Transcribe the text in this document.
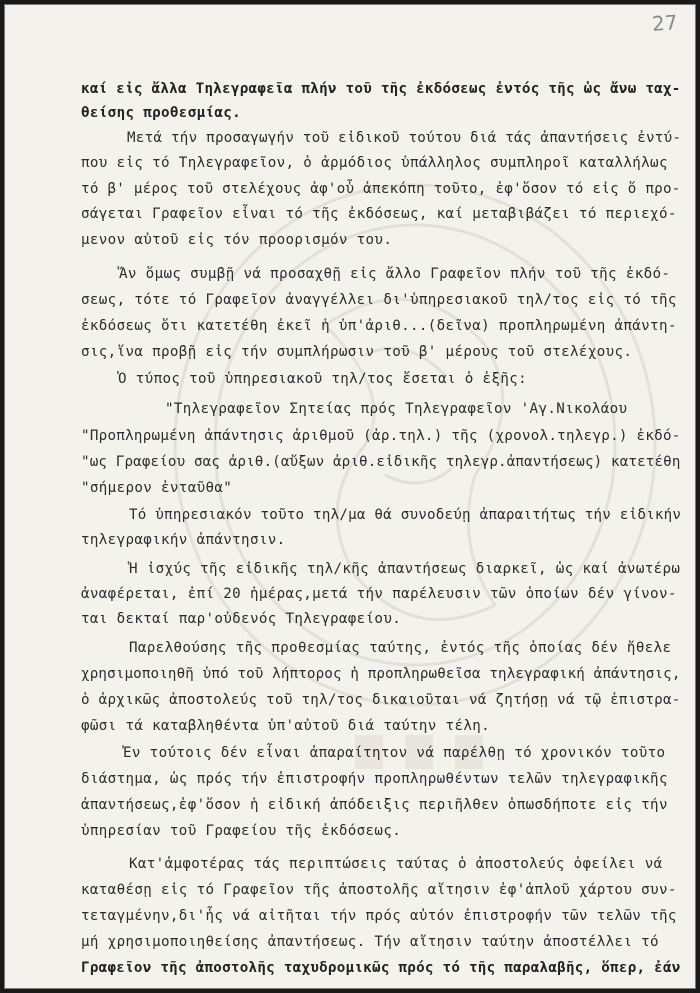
27
καί εἰς ἄλλα Τηλεγραφεῖα πλήν τοῦ τῆς ἐκδόσεως ἐντός τῆς ὡς ἄνω ταχ-
θείσης προθεσμίας.
Μετά τήν προσαγωγήν τοῦ εἰδικοῦ τούτου διά τάς ἀπαντήσεις ἐντύ-
που εἰς τό Τηλεγραφεῖον, ὁ ἁρμόδιος ὑπάλληλος συμπληροῖ καταλλήλως
τό β' μέρος τοῦ στελέχους ἀφ'οὗ ἀπεκόπη τοῦτο, ἐφ'ὅσον τό εἰς ὅ προ-
σάγεται Γραφεῖον εἶναι τό τῆς ἐκδόσεως, καί μεταβιβάζει τό περιεχό-
μενον αὐτοῦ εἰς τόν προορισμόν του.
Ἄν ὅμως συμβῇ νά προσαχθῇ εἰς ἄλλο Γραφεῖον πλήν τοῦ τῆς ἐκδό-
σεως, τότε τό Γραφεῖον ἀναγγέλλει δι'ὑπηρεσιακοῦ τηλ/τος εἰς τό τῆς
ἐκδόσεως ὅτι κατετέθη ἐκεῖ ἡ ὑπ'ἀριθ...(δεῖνα) προπληρωμένη ἀπάντη-
σις,ἵνα προβῇ εἰς τήν συμπλήρωσιν τοῦ β' μέρους τοῦ στελέχους.
Ὁ τύπος τοῦ ὑπηρεσιακοῦ τηλ/τος ἔσεται ὁ ἑξῆς:
"Τηλεγραφεῖον Σητείας πρός Τηλεγραφεῖον 'Αγ.Νικολάου
"Προπληρωμένη ἀπάντησις ἀριθμοῦ (ἀρ.τηλ.) τῆς (χρονολ.τηλεγρ.) ἐκδό-
"ως Γραφείου σας ἀριθ.(αὔξων ἀριθ.εἰδικῆς τηλεγρ.ἀπαντήσεως) κατετέθη
"σήμερον ἐνταῦθα"
Τό ὑπηρεσιακόν τοῦτο τηλ/μα θά συνοδεύῃ ἀπαραιτήτως τήν εἰδικήν
τηλεγραφικήν ἀπάντησιν.
Ἡ ἰσχύς τῆς εἰδικῆς τηλ/κῆς ἀπαντήσεως διαρκεῖ, ὡς καί ἀνωτέρω
ἀναφέρεται, ἐπί 20 ἡμέρας,μετά τήν παρέλευσιν τῶν ὁποίων δέν γίνον-
ται δεκταί παρ'οὐδενός Τηλεγραφείου.
Παρελθούσης τῆς προθεσμίας ταύτης, ἐντός τῆς ὁποίας δέν ἤθελε
χρησιμοποιηθῆ ὑπό τοῦ λήπτορος ἡ προπληρωθεῖσα τηλεγραφική ἀπάντησις,
ὁ ἀρχικῶς ἀποστολεύς τοῦ τηλ/τος δικαιοῦται νά ζητήσῃ νά τῷ ἐπιστρα-
φῶσι τά καταβληθέντα ὑπ'αὐτοῦ διά ταύτην τέλη.
Ἐν τούτοις δέν εἶναι ἀπαραίτητον νά παρέλθῃ τό χρονικόν τοῦτο
διάστημα, ὡς πρός τήν ἐπιστροφήν προπληρωθέντων τελῶν τηλεγραφικῆς
ἀπαντήσεως,ἐφ'ὅσον ἡ εἰδική ἀπόδειξις περιῆλθεν ὁπωσδήποτε εἰς τήν
ὑπηρεσίαν τοῦ Γραφείου τῆς ἐκδόσεως.
Κατ'ἀμφοτέρας τάς περιπτώσεις ταύτας ὁ ἀποστολεύς ὀφείλει νά
καταθέσῃ εἰς τό Γραφεῖον τῆς ἀποστολῆς αἴτησιν ἐφ'ἁπλοῦ χάρτου συν-
τεταγμένην,δι'ἧς νά αἰτῆται τήν πρός αὐτόν ἐπιστροφήν τῶν τελῶν τῆς
μή χρησιμοποιηθείσης ἀπαντήσεως. Τήν αἴτησιν ταύτην ἀποστέλλει τό
Γραφεῖον τῆς ἀποστολῆς ταχυδρομικῶς πρός τό τῆς παραλαβῆς, ὅπερ, ἐάν
